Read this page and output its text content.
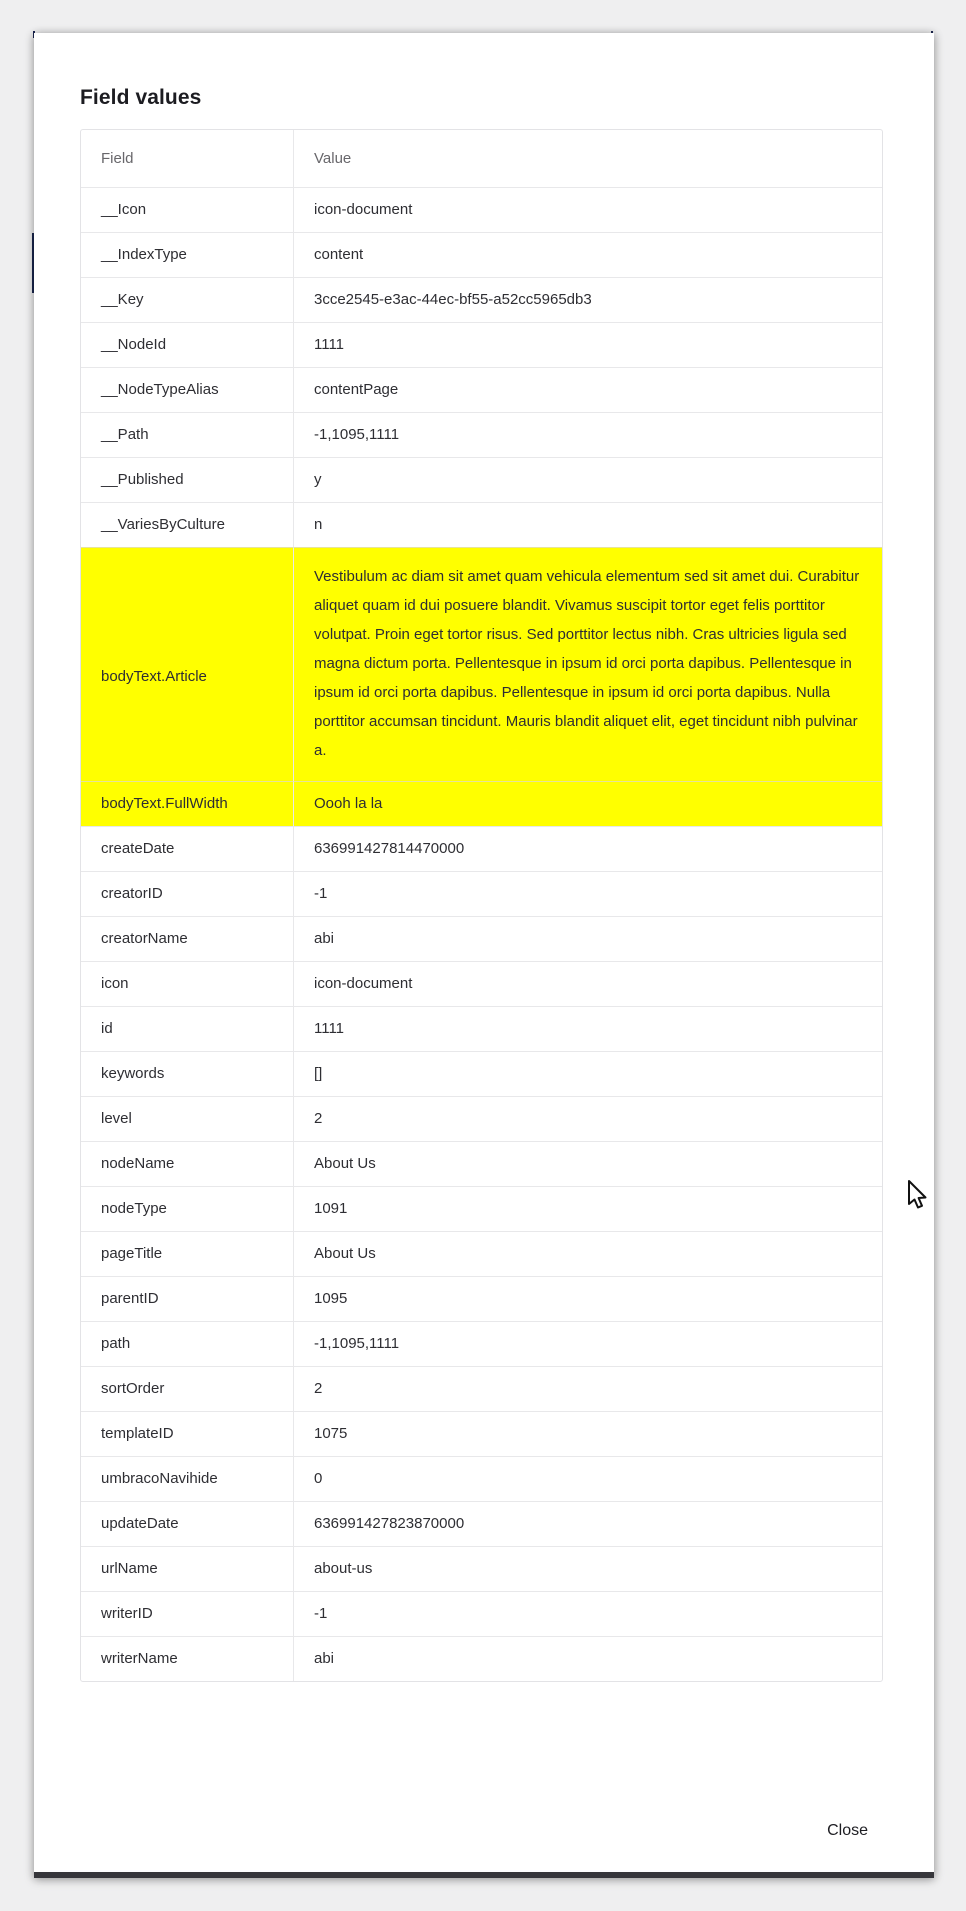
Field values
Field	Value
__Icon	icon-document
__IndexType	content
__Key	3cce2545-e3ac-44ec-bf55-a52cc5965db3
__NodeId	1111
__NodeTypeAlias	contentPage
__Path	-1,1095,1111
__Published	y
__VariesByCulture	n
bodyText.Article	Vestibulum ac diam sit amet quam vehicula elementum sed sit amet dui. Curabitur aliquet quam id dui posuere blandit. Vivamus suscipit tortor eget felis porttitor volutpat. Proin eget tortor risus. Sed porttitor lectus nibh. Cras ultricies ligula sed magna dictum porta. Pellentesque in ipsum id orci porta dapibus. Pellentesque in ipsum id orci porta dapibus. Pellentesque in ipsum id orci porta dapibus. Nulla porttitor accumsan tincidunt. Mauris blandit aliquet elit, eget tincidunt nibh pulvinar a.
bodyText.FullWidth	Oooh la la
createDate	636991427814470000
creatorID	-1
creatorName	abi
icon	icon-document
id	1111
keywords	[]
level	2
nodeName	About Us
nodeType	1091
pageTitle	About Us
parentID	1095
path	-1,1095,1111
sortOrder	2
templateID	1075
umbracoNavihide	0
updateDate	636991427823870000
urlName	about-us
writerID	-1
writerName	abi
Close
